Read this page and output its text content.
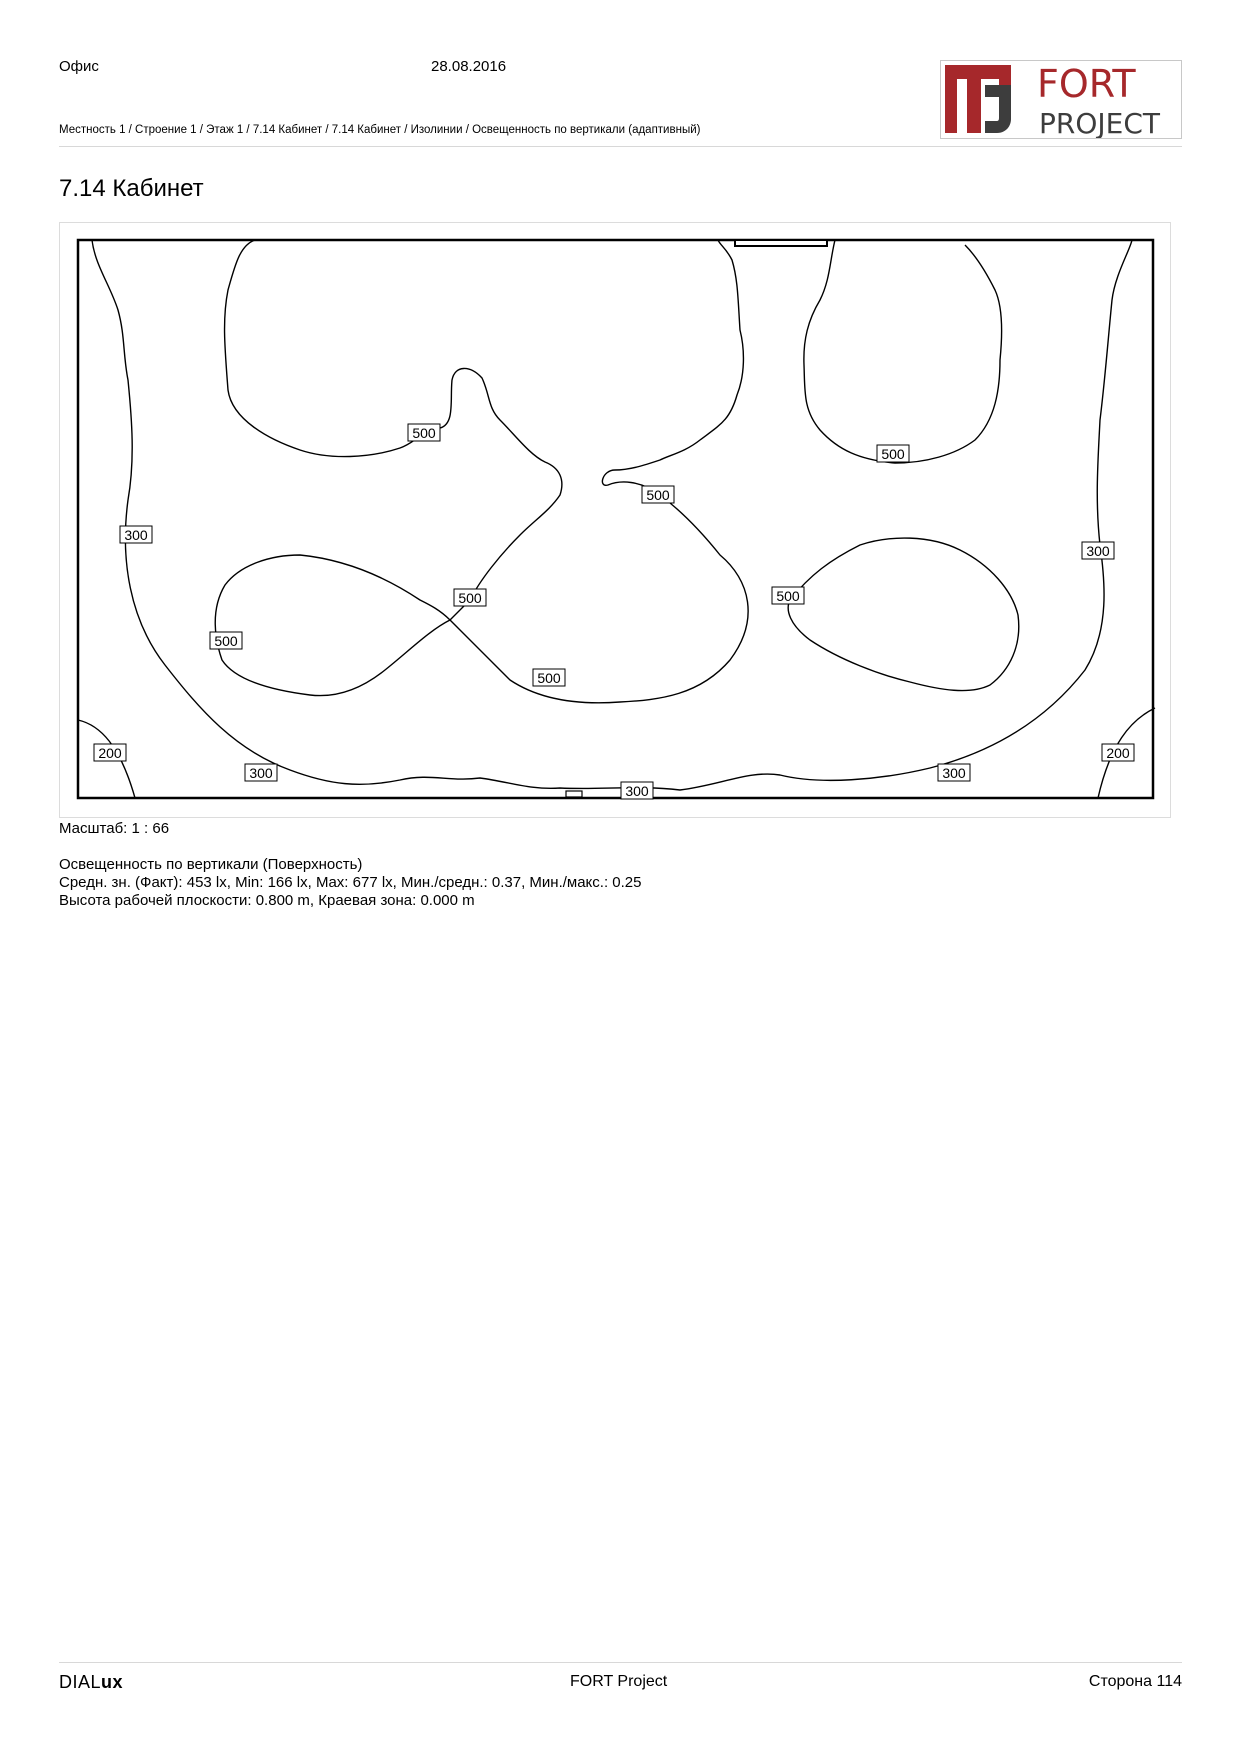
Офис	28.08.2016
Местность 1 / Строение 1 / Этаж 1 / 7.14 Кабинет / 7.14 Кабинет / Изолинии / Освещенность по вертикали (адаптивный)
FORT
PROJECT
7.14 Кабинет
500
500
500
500	500
500
500
300
300
300	300
300
200	200
Масштаб: 1 : 66
Освещенность по вертикали (Поверхность)
Средн. зн. (Факт): 453 lx, Min: 166 lx, Max: 677 lx, Мин./средн.: 0.37, Мин./макс.: 0.25
Высота рабочей плоскости: 0.800 m, Краевая зона: 0.000 m
DIALux	FORT Project	Сторона 114
